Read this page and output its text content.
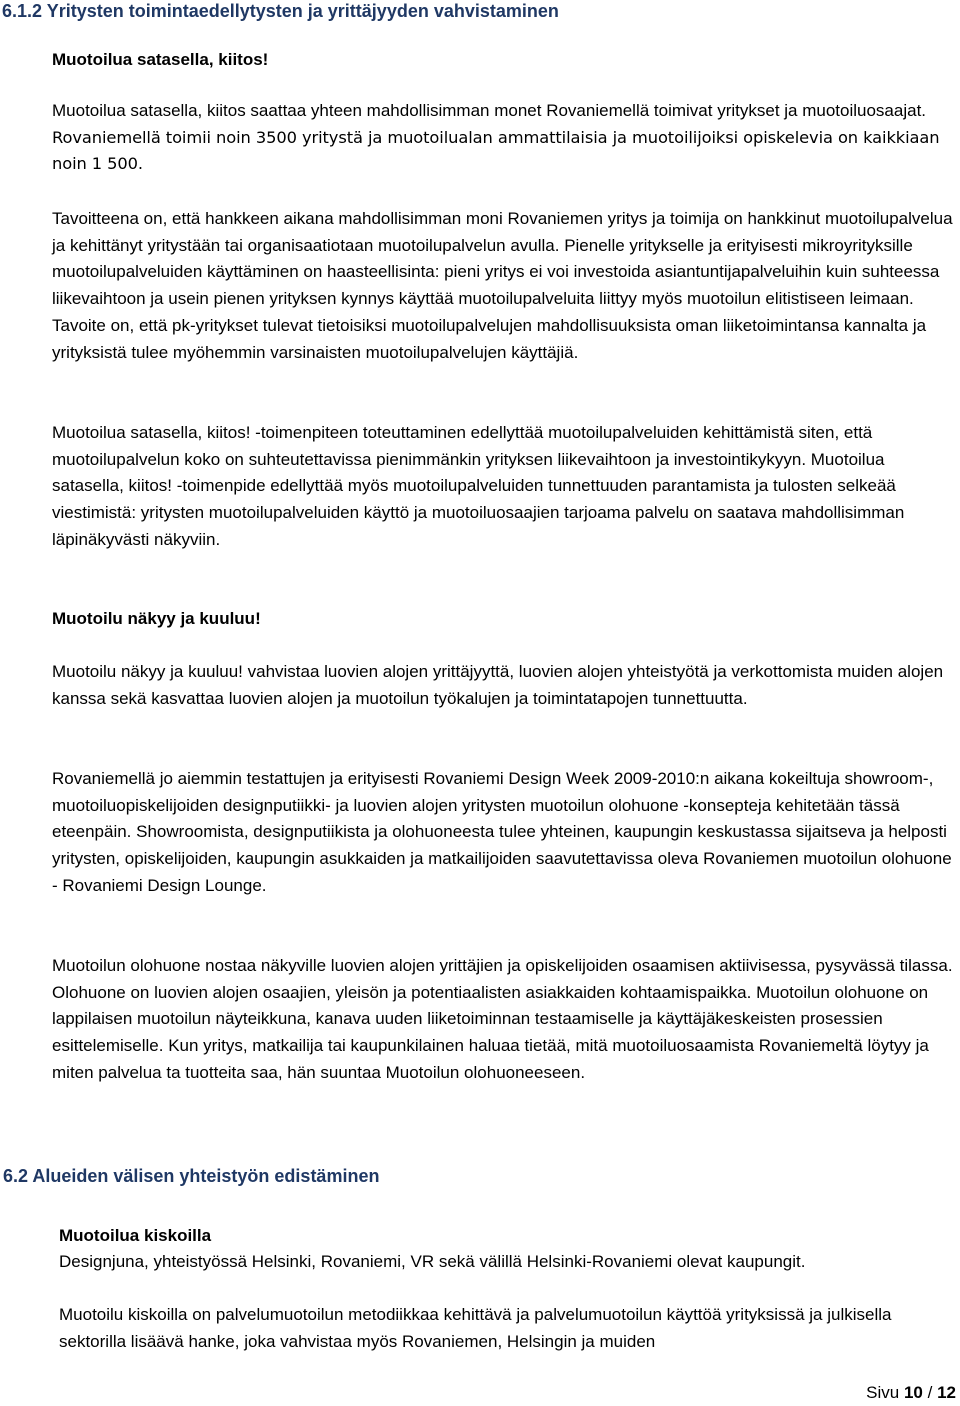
6.1.2 Yritysten toimintaedellytysten ja yrittäjyyden vahvistaminen
Muotoilua satasella, kiitos!

Muotoilua satasella, kiitos saattaa yhteen mahdollisimman monet Rovaniemellä toimivat yritykset ja muotoiluosaajat. Rovaniemellä toimii noin 3500 yritystä ja muotoilualan ammattilaisia ja muotoilijoiksi opiskelevia on kaikkiaan noin 1 500.

Tavoitteena on, että hankkeen aikana mahdollisimman moni Rovaniemen yritys ja toimija on hankkinut muotoilupalvelua ja kehittänyt yritystään tai organisaatiotaan muotoilupalvelun avulla. Pienelle yritykselle ja erityisesti mikroyrityksille muotoilupalveluiden käyttäminen on haasteellisinta: pieni yritys ei voi investoida asiantuntijapalveluihin kuin suhteessa liikevaihtoon ja usein pienen yrityksen kynnys käyttää muotoilupalveluita liittyy myös muotoilun elitistiseen leimaan. Tavoite on, että pk-yritykset tulevat tietoisiksi muotoilupalvelujen mahdollisuuksista oman liiketoimintansa kannalta ja yrityksistä tulee myöhemmin varsinaisten muotoilupalvelujen käyttäjiä.

Muotoilua satasella, kiitos! -toimenpiteen toteuttaminen edellyttää muotoilupalveluiden kehittämistä siten, että muotoilupalvelun koko on suhteutettavissa pienimmänkin yrityksen liikevaihtoon ja investointikykyyn. Muotoilua satasella, kiitos! -toimenpide edellyttää myös muotoilupalveluiden tunnettuuden parantamista ja tulosten selkeää viestimistä: yritysten muotoilupalveluiden käyttö ja muotoiluosaajien tarjoama palvelu on saatava mahdollisimman läpinäkyvästi näkyviin.

Muotoilu näkyy ja kuuluu!

Muotoilu näkyy ja kuuluu! vahvistaa luovien alojen yrittäjyyttä, luovien alojen yhteistyötä ja verkottomista muiden alojen kanssa sekä kasvattaa luovien alojen ja muotoilun työkalujen ja toimintatapojen tunnettuutta.

Rovaniemellä jo aiemmin testattujen ja erityisesti Rovaniemi Design Week 2009-2010:n aikana kokeiltuja showroom-, muotoiluopiskelijoiden designputiikki- ja luovien alojen yritysten muotoilun olohuone -konsepteja kehitetään tässä eteenpäin. Showroomista, designputiikista ja olohuoneesta tulee yhteinen, kaupungin keskustassa sijaitseva ja helposti yritysten, opiskelijoiden, kaupungin asukkaiden ja matkailijoiden saavutettavissa oleva Rovaniemen muotoilun olohuone - Rovaniemi Design Lounge.

Muotoilun olohuone nostaa näkyville luovien alojen yrittäjien ja opiskelijoiden osaamisen aktiivisessa, pysyvässä tilassa. Olohuone on luovien alojen osaajien, yleisön ja potentiaalisten asiakkaiden kohtaamispaikka. Muotoilun olohuone on lappilaisen muotoilun näyteikkuna, kanava uuden liiketoiminnan testaamiselle ja käyttäjäkeskeisten prosessien esittelemiselle. Kun yritys, matkailija tai kaupunkilainen haluaa tietää, mitä muotoiluosaamista Rovaniemeltä löytyy ja miten palvelua ta tuotteita saa, hän suuntaa Muotoilun olohuoneeseen.

6.2 Alueiden välisen yhteistyön edistäminen
Muotoilua kiskoilla

Designjuna, yhteistyössä Helsinki, Rovaniemi, VR sekä välillä Helsinki-Rovaniemi olevat kaupungit.

Muotoilu kiskoilla on palvelumuotoilun metodiikkaa kehittävä ja palvelumuotoilun käyttöä yrityksissä ja julkisella sektorilla lisäävä hanke, joka vahvistaa myös Rovaniemen, Helsingin ja muiden

Sivu 10 / 12
